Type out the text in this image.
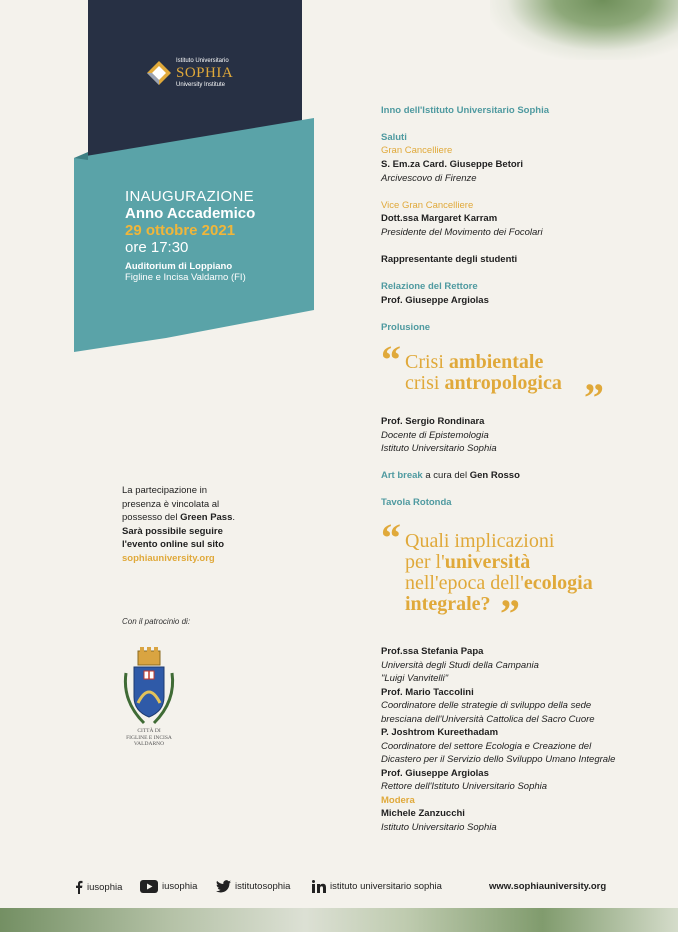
Istituto Universitario
SOPHIA
University Institute
INAUGURAZIONE
Anno Accademico
29 ottobre 2021
ore 17:30
Auditorium di Loppiano
Figline e Incisa Valdarno (FI)
La partecipazione in
presenza è vincolata al
possesso del Green Pass.
Sarà possibile seguire
l'evento online sul sito
sophiauniversity.org
Con il patrocinio di:
CITTÀ DI
FIGLINE E INCISA
VALDARNO
Inno dell'Istituto Universitario Sophia
Saluti
Gran Cancelliere
S. Em.za Card. Giuseppe Betori
Arcivescovo di Firenze
Vice Gran Cancelliere
Dott.ssa Margaret Karram
Presidente del Movimento dei Focolari
Rappresentante degli studenti
Relazione del Rettore
Prof. Giuseppe Argiolas
Prolusione
“ Crisi ambientale
crisi antropologica ”
Prof. Sergio Rondinara
Docente di Epistemologia
Istituto Universitario Sophia
Art break a cura del Gen Rosso
Tavola Rotonda
“ Quali implicazioni
per l'università
nell'epoca dell'ecologia
integrale? ”
Prof.ssa Stefania Papa
Università degli Studi della Campania
"Luigi Vanvitelli"
Prof. Mario Taccolini
Coordinatore delle strategie di sviluppo della sede
bresciana dell'Università Cattolica del Sacro Cuore
P. Joshtrom Kureethadam
Coordinatore del settore Ecologia e Creazione del
Dicastero per il Servizio dello Sviluppo Umano Integrale
Prof. Giuseppe Argiolas
Rettore dell'Istituto Universitario Sophia
Modera
Michele Zanzucchi
Istituto Universitario Sophia
iusophia	iusophia	istitutosophia	istituto universitario sophia	www.sophiauniversity.org
